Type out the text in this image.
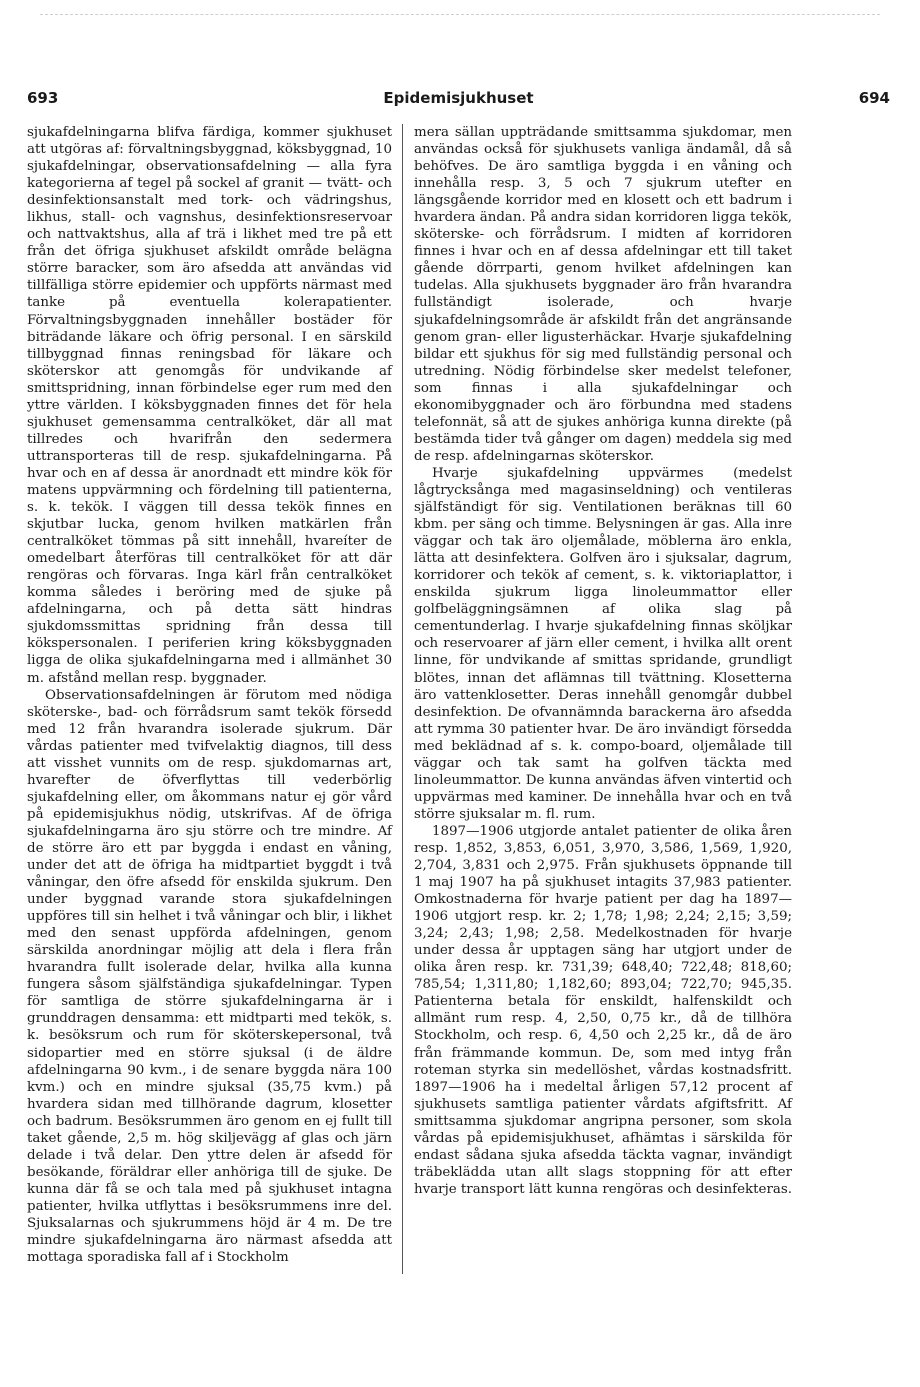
693	Epidemisjukhuset	694

sjukafdelningarna blifva färdiga, kommer sjukhuset att utgöras af: förvaltningsbyggnad, köksbyggnad, 10 sjukafdelningar, observationsafdelning — alla fyra kategorierna af tegel på sockel af granit — tvätt- och desinfektionsanstalt med tork- och vädringshus, likhus, stall- och vagnshus, desinfektionsreservoar och nattvaktshus, alla af trä i likhet med tre på ett från det öfriga sjukhuset afskildt område belägna större baracker, som äro afsedda att användas vid tillfälliga större epidemier och uppförts närmast med tanke på eventuella kolerapatienter. Förvaltningsbyggnaden innehåller bostäder för biträdande läkare och öfrig personal. I en särskild tillbyggnad finnas reningsbad för läkare och sköterskor att genomgås för undvikande af smittspridning, innan förbindelse eger rum med den yttre världen. I köksbyggnaden finnes det för hela sjukhuset gemensamma centralköket, där all mat tillredes och hvarifrån den sedermera uttransporteras till de resp. sjukafdelningarna. På hvar och en af dessa är anordnadt ett mindre kök för matens uppvärmning och fördelning till patienterna, s. k. tekök. I väggen till dessa tekök finnes en skjutbar lucka, genom hvilken matkärlen från centralköket tömmas på sitt innehåll, hvareíter de omedelbart återföras till centralköket för att där rengöras och förvaras. Inga kärl från centralköket komma således i beröring med de sjuke på afdelningarna, och på detta sätt hindras sjukdomssmittas spridning från dessa till kökspersonalen. I periferien kring köksbyggnaden ligga de olika sjukafdelningarna med i allmänhet 30 m. afstånd mellan resp. byggnader.

Observationsafdelningen är förutom med nödiga sköterske-, bad- och förrådsrum samt tekök försedd med 12 från hvarandra isolerade sjukrum. Där vårdas patienter med tvifvelaktig diagnos, till dess att visshet vunnits om de resp. sjukdomarnas art, hvarefter de öfverflyttas till vederbörlig sjukafdelning eller, om åkommans natur ej gör vård på epidemisjukhus nödig, utskrifvas. Af de öfriga sjukafdelningarna äro sju större och tre mindre. Af de större äro ett par byggda i endast en våning, under det att de öfriga ha midtpartiet byggdt i två våningar, den öfre afsedd för enskilda sjukrum. Den under byggnad varande stora sjukafdelningen uppföres till sin helhet i två våningar och blir, i likhet med den senast uppförda afdelningen, genom särskilda anordningar möjlig att dela i flera från hvarandra fullt isolerade delar, hvilka alla kunna fungera såsom själfständiga sjukafdelningar. Typen för samtliga de större sjukafdelningarna är i grunddragen densamma: ett midtparti med tekök, s. k. besöksrum och rum för sköterskepersonal, två sidopartier med en större sjuksal (i de äldre afdelningarna 90 kvm., i de senare byggda nära 100 kvm.) och en mindre sjuksal (35,75 kvm.) på hvardera sidan med tillhörande dagrum, klosetter och badrum. Besöksrummen äro genom en ej fullt till taket gående, 2,5 m. hög skiljevägg af glas och järn delade i två delar. Den yttre delen är afsedd för besökande, föräldrar eller anhöriga till de sjuke. De kunna där få se och tala med på sjukhuset intagna patienter, hvilka utflyttas i besöksrummens inre del. Sjuksalarnas och sjukrummens höjd är 4 m. De tre mindre sjukafdelningarna äro närmast afsedda att mottaga sporadiska fall af i Stockholm

mera sällan uppträdande smittsamma sjukdomar, men användas också för sjukhusets vanliga ändamål, då så behöfves. De äro samtliga byggda i en våning och innehålla resp. 3, 5 och 7 sjukrum utefter en längsgående korridor med en klosett och ett badrum i hvardera ändan. På andra sidan korridoren ligga tekök, sköterske- och förrådsrum. I midten af korridoren finnes i hvar och en af dessa afdelningar ett till taket gående dörrparti, genom hvilket afdelningen kan tudelas. Alla sjukhusets byggnader äro från hvarandra fullständigt isolerade, och hvarje sjukafdelningsområde är afskildt från det angränsande genom gran- eller ligusterhäckar. Hvarje sjukafdelning bildar ett sjukhus för sig med fullständig personal och utredning. Nödig förbindelse sker medelst telefoner, som finnas i alla sjukafdelningar och ekonomibyggnader och äro förbundna med stadens telefonnät, så att de sjukes anhöriga kunna direkte (på bestämda tider två gånger om dagen) meddela sig med de resp. afdelningarnas sköterskor.

Hvarje sjukafdelning uppvärmes (medelst lågtrycksånga med magasinseldning) och ventileras själfständigt för sig. Ventilationen beräknas till 60 kbm. per säng och timme. Belysningen är gas. Alla inre väggar och tak äro oljemålade, möblerna äro enkla, lätta att desinfektera. Golfven äro i sjuksalar, dagrum, korridorer och tekök af cement, s. k. viktoriaplattor, i enskilda sjukrum ligga linoleummattor eller golfbeläggningsämnen af olika slag på cementunderlag. I hvarje sjukafdelning finnas sköljkar och reservoarer af järn eller cement, i hvilka allt orent linne, för undvikande af smittas spridande, grundligt blötes, innan det aflämnas till tvättning. Klosetterna äro vattenklosetter. Deras innehåll genomgår dubbel desinfektion. De ofvannämnda barackerna äro afsedda att rymma 30 patienter hvar. De äro invändigt försedda med beklädnad af s. k. compo-board, oljemålade till väggar och tak samt ha golfven täckta med linoleummattor. De kunna användas äfven vintertid och uppvärmas med kaminer. De innehålla hvar och en två större sjuksalar m. fl. rum.

1897—1906 utgjorde antalet patienter de olika åren resp. 1,852, 3,853, 6,051, 3,970, 3,586, 1,569, 1,920, 2,704, 3,831 och 2,975. Från sjukhusets öppnande till 1 maj 1907 ha på sjukhuset intagits 37,983 patienter. Omkostnaderna för hvarje patient per dag ha 1897—1906 utgjort resp. kr. 2; 1,78; 1,98; 2,24; 2,15; 3,59; 3,24; 2,43; 1,98; 2,58. Medelkostnaden för hvarje under dessa år upptagen säng har utgjort under de olika åren resp. kr. 731,39; 648,40; 722,48; 818,60; 785,54; 1,311,80; 1,182,60; 893,04; 722,70; 945,35. Patienterna betala för enskildt, halfenskildt och allmänt rum resp. 4, 2,50, 0,75 kr., då de tillhöra Stockholm, och resp. 6, 4,50 och 2,25 kr., då de äro från främmande kommun. De, som med intyg från roteman styrka sin medellöshet, vårdas kostnadsfritt. 1897—1906 ha i medeltal årligen 57,12 procent af sjukhusets samtliga patienter vårdats afgiftsfritt. Af smittsamma sjukdomar angripna personer, som skola vårdas på epidemisjukhuset, afhämtas i särskilda för endast sådana sjuka afsedda täckta vagnar, invändigt träbeklädda utan allt slags stoppning för att efter hvarje transport lätt kunna rengöras och desinfekteras.
